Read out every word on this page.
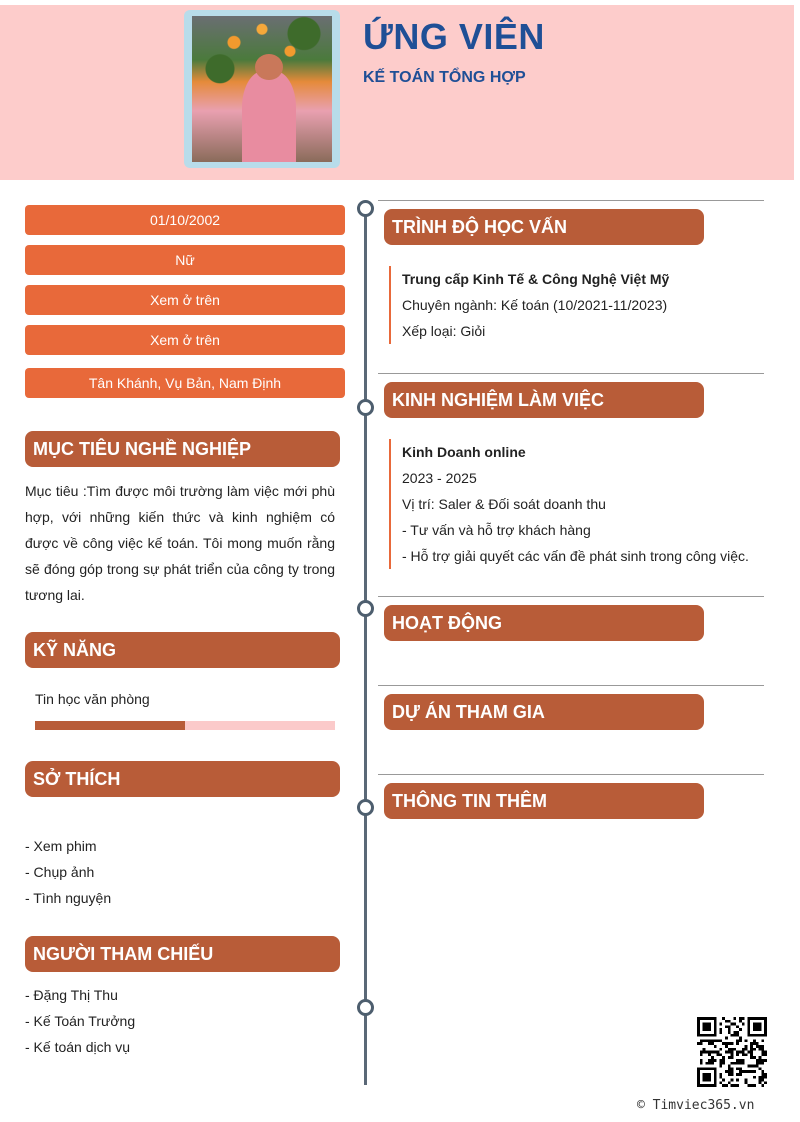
ỨNG VIÊN
KẾ TOÁN TỔNG HỢP
01/10/2002
Nữ
Xem ở trên
Xem ở trên
Tân Khánh, Vụ Bản, Nam Định
MỤC TIÊU NGHỀ NGHIỆP
Mục tiêu :Tìm được môi trường làm việc mới phù hợp, với những kiến thức và kinh nghiệm có được về công việc kế toán. Tôi mong muốn rằng sẽ đóng góp trong sự phát triển của công ty trong tương lai.
KỸ NĂNG
Tin học văn phòng
SỞ THÍCH
- Xem phim
- Chụp ảnh
- Tình nguyện
NGƯỜI THAM CHIẾU
- Đặng Thị Thu
- Kế Toán Trưởng
- Kế toán dịch vụ
TRÌNH ĐỘ HỌC VẤN
Trung cấp Kinh Tế & Công Nghệ Việt Mỹ
Chuyên ngành: Kế toán (10/2021-11/2023)
Xếp loại: Giỏi
KINH NGHIỆM LÀM VIỆC
Kinh Doanh online
2023 - 2025
Vị trí: Saler & Đối soát doanh thu
- Tư vấn và hỗ trợ khách hàng
- Hỗ trợ giải quyết các vấn đề phát sinh trong công việc.
HOẠT ĐỘNG
DỰ ÁN THAM GIA
THÔNG TIN THÊM
© Timviec365.vn
